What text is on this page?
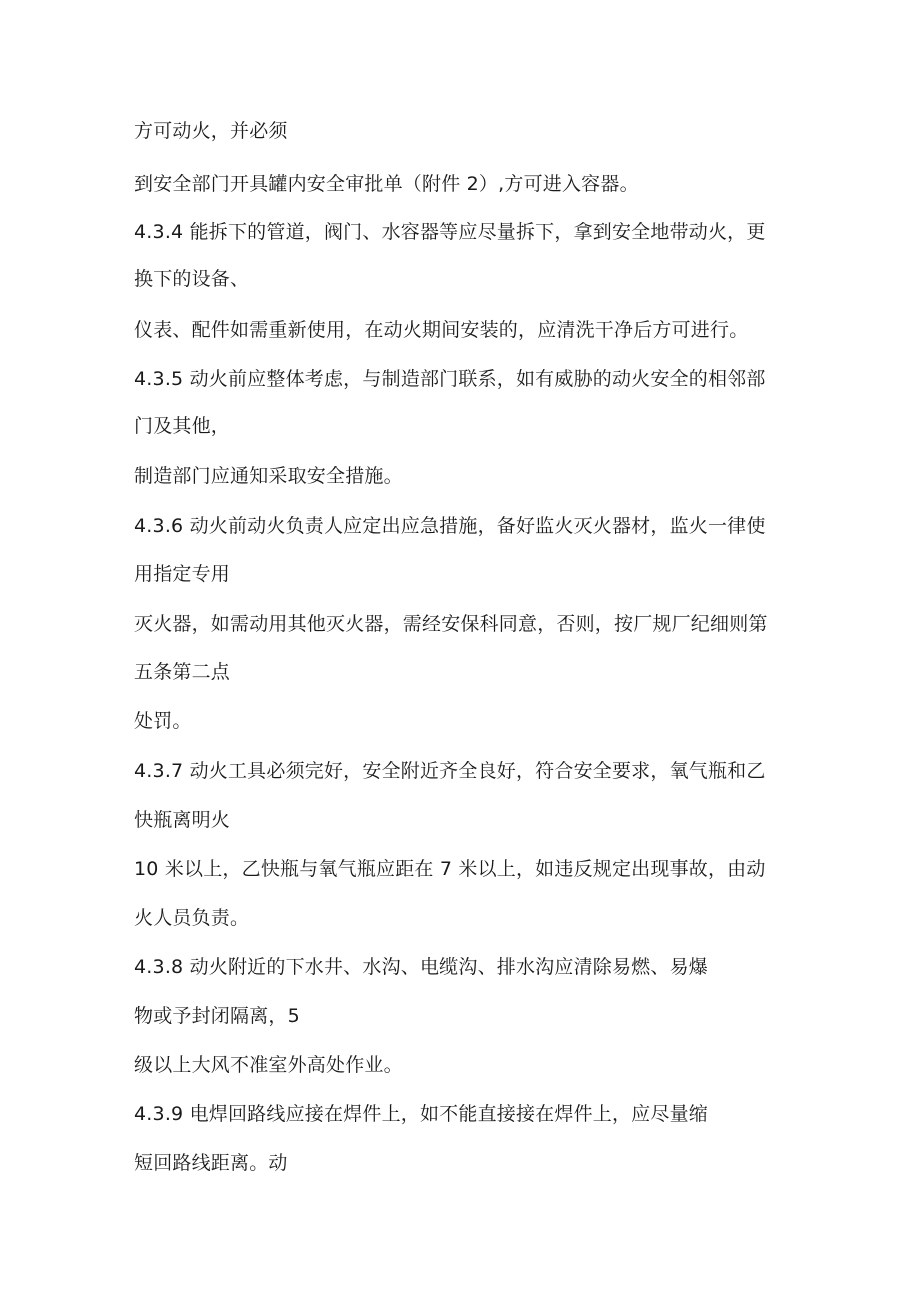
方可动火，并必须
到安全部门开具罐内安全审批单（附件 2）,方可进入容器。
4.3.4 能拆下的管道，阀门、水容器等应尽量拆下，拿到安全地带动火，更
换下的设备、
仪表、配件如需重新使用，在动火期间安装的，应清洗干净后方可进行。
4.3.5 动火前应整体考虑，与制造部门联系，如有威胁的动火安全的相邻部
门及其他，
制造部门应通知采取安全措施。
4.3.6 动火前动火负责人应定出应急措施，备好监火灭火器材，监火一律使
用指定专用
灭火器，如需动用其他灭火器，需经安保科同意，否则，按厂规厂纪细则第
五条第二点
处罚。
4.3.7 动火工具必须完好，安全附近齐全良好，符合安全要求，氧气瓶和乙
快瓶离明火
10 米以上，乙快瓶与氧气瓶应距在 7 米以上，如违反规定出现事故，由动
火人员负责。
4.3.8 动火附近的下水井、水沟、电缆沟、排水沟应清除易燃、易爆
物或予封闭隔离，5
级以上大风不准室外高处作业。
4.3.9 电焊回路线应接在焊件上，如不能直接接在焊件上，应尽量缩
短回路线距离。动
